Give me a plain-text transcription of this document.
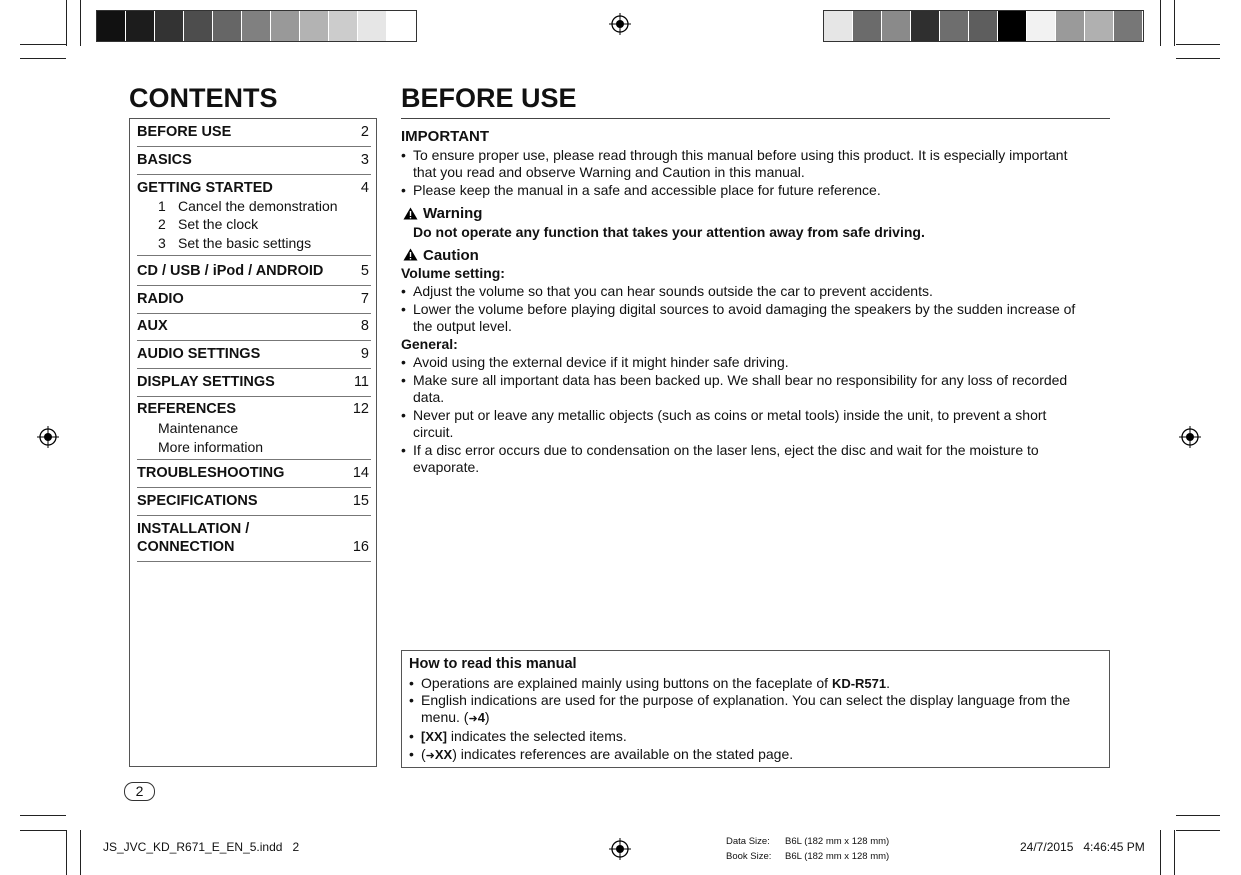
CONTENTS
BEFORE USE	2
BASICS	3
GETTING STARTED	4
1 Cancel the demonstration
2 Set the clock
3 Set the basic settings
CD / USB / iPod / ANDROID	5
RADIO	7
AUX	8
AUDIO SETTINGS	9
DISPLAY SETTINGS	11
REFERENCES	12
Maintenance
More information
TROUBLESHOOTING	14
SPECIFICATIONS	15
INSTALLATION /
CONNECTION	16
BEFORE USE
IMPORTANT
• To ensure proper use, please read through this manual before using this product. It is especially important
that you read and observe Warning and Caution in this manual.
• Please keep the manual in a safe and accessible place for future reference.
Warning
Do not operate any function that takes your attention away from safe driving.
Caution
Volume setting:
• Adjust the volume so that you can hear sounds outside the car to prevent accidents.
• Lower the volume before playing digital sources to avoid damaging the speakers by the sudden increase of
the output level.
General:
• Avoid using the external device if it might hinder safe driving.
• Make sure all important data has been backed up. We shall bear no responsibility for any loss of recorded
data.
• Never put or leave any metallic objects (such as coins or metal tools) inside the unit, to prevent a short
circuit.
• If a disc error occurs due to condensation on the laser lens, eject the disc and wait for the moisture to
evaporate.
How to read this manual
• Operations are explained mainly using buttons on the faceplate of KD-R571.
• English indications are used for the purpose of explanation. You can select the display language from the
menu. (➜4)
• [XX] indicates the selected items.
• (➜XX) indicates references are available on the stated page.
2
JS_JVC_KD_R671_E_EN_5.indd   2	Data Size: B6L (182 mm x 128 mm)
Book Size: B6L (182 mm x 128 mm)
24/7/2015   4:46:45 PM
